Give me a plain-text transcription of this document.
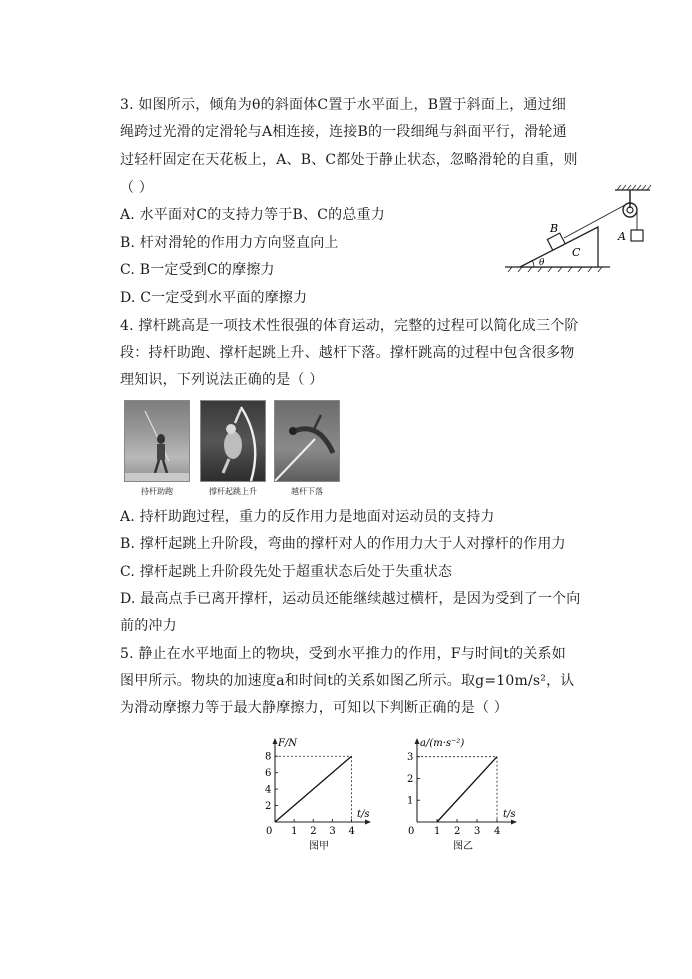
3. 如图所示，倾角为θ的斜面体C置于水平面上，B置于斜面上，通过细
绳跨过光滑的定滑轮与A相连接，连接B的一段细绳与斜面平行，滑轮通
过轻杆固定在天花板上，A、B、C都处于静止状态，忽略滑轮的自重，则
（ ）
A. 水平面对C的支持力等于B、C的总重力
B. 杆对滑轮的作用力方向竖直向上
C. B一定受到C的摩擦力
D. C一定受到水平面的摩擦力
A
B
C
θ
4. 撑杆跳高是一项技术性很强的体育运动，完整的过程可以简化成三个阶
段：持杆助跑、撑杆起跳上升、越杆下落。撑杆跳高的过程中包含很多物
理知识，下列说法正确的是（ ）
持杆助跑	撑杆起跳上升	越杆下落
A. 持杆助跑过程，重力的反作用力是地面对运动员的支持力
B. 撑杆起跳上升阶段，弯曲的撑杆对人的作用力大于人对撑杆的作用力
C. 撑杆起跳上升阶段先处于超重状态后处于失重状态
D. 最高点手已离开撑杆，运动员还能继续越过横杆，是因为受到了一个向
前的冲力
5. 静止在水平地面上的物块，受到水平推力的作用，F与时间t的关系如
图甲所示。物块的加速度a和时间t的关系如图乙所示。取g=10m/s²，认
为滑动摩擦力等于最大静摩擦力，可知以下判断正确的是（ ）
0 1 2 3 4
2
4
6
8
F/N
t/s
图甲
0 1 2 3 4
1
2
3
a/(m·s⁻²)
t/s
图乙
